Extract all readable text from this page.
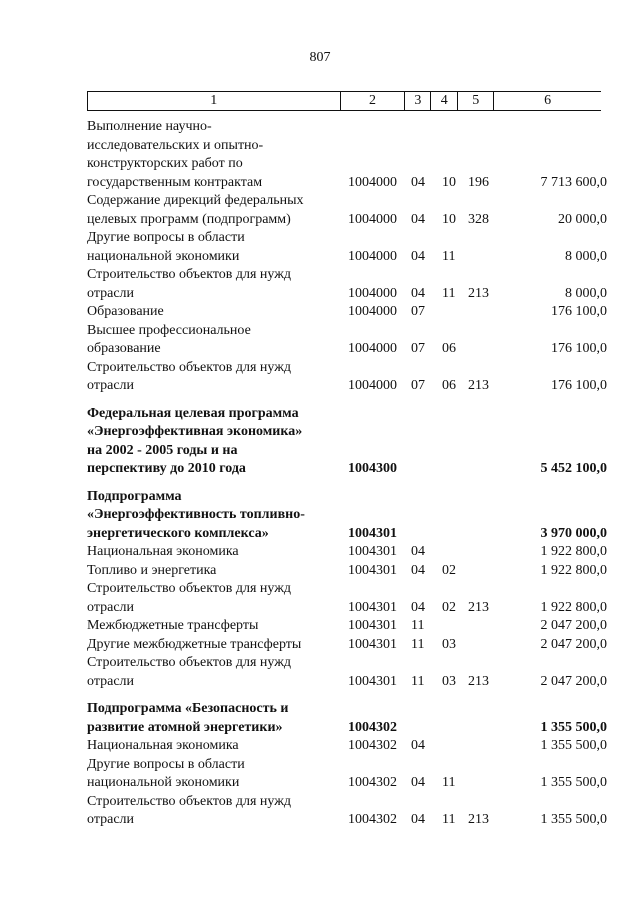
807
1	2	3	4	5	6
Выполнение научно-
исследовательских и опытно-
конструкторских работ по
государственным контрактам	1004000 04 10 196	7 713 600,0
Содержание дирекций федеральных
целевых программ (подпрограмм)	1004000 04 10 328	20 000,0
Другие вопросы в области
национальной экономики	1004000 04 11	8 000,0
Строительство объектов для нужд
отрасли	1004000 04 11 213	8 000,0
Образование	1004000 07	176 100,0
Высшее профессиональное
образование	1004000 07 06	176 100,0
Строительство объектов для нужд
отрасли	1004000 07 06 213	176 100,0
Федеральная целевая программа
«Энергоэффективная экономика»
на 2002 - 2005 годы и на
перспективу до 2010 года	1004300	5 452 100,0
Подпрограмма
«Энергоэффективность топливно-
энергетического комплекса»	1004301	3 970 000,0
Национальная экономика	1004301 04	1 922 800,0
Топливо и энергетика	1004301 04 02	1 922 800,0
Строительство объектов для нужд
отрасли	1004301 04 02 213	1 922 800,0
Межбюджетные трансферты	1004301 11	2 047 200,0
Другие межбюджетные трансферты	1004301 11 03	2 047 200,0
Строительство объектов для нужд
отрасли	1004301 11 03 213	2 047 200,0
Подпрограмма «Безопасность и
развитие атомной энергетики»	1004302	1 355 500,0
Национальная экономика	1004302 04	1 355 500,0
Другие вопросы в области
национальной экономики	1004302 04 11	1 355 500,0
Строительство объектов для нужд
отрасли	1004302 04 11 213	1 355 500,0
